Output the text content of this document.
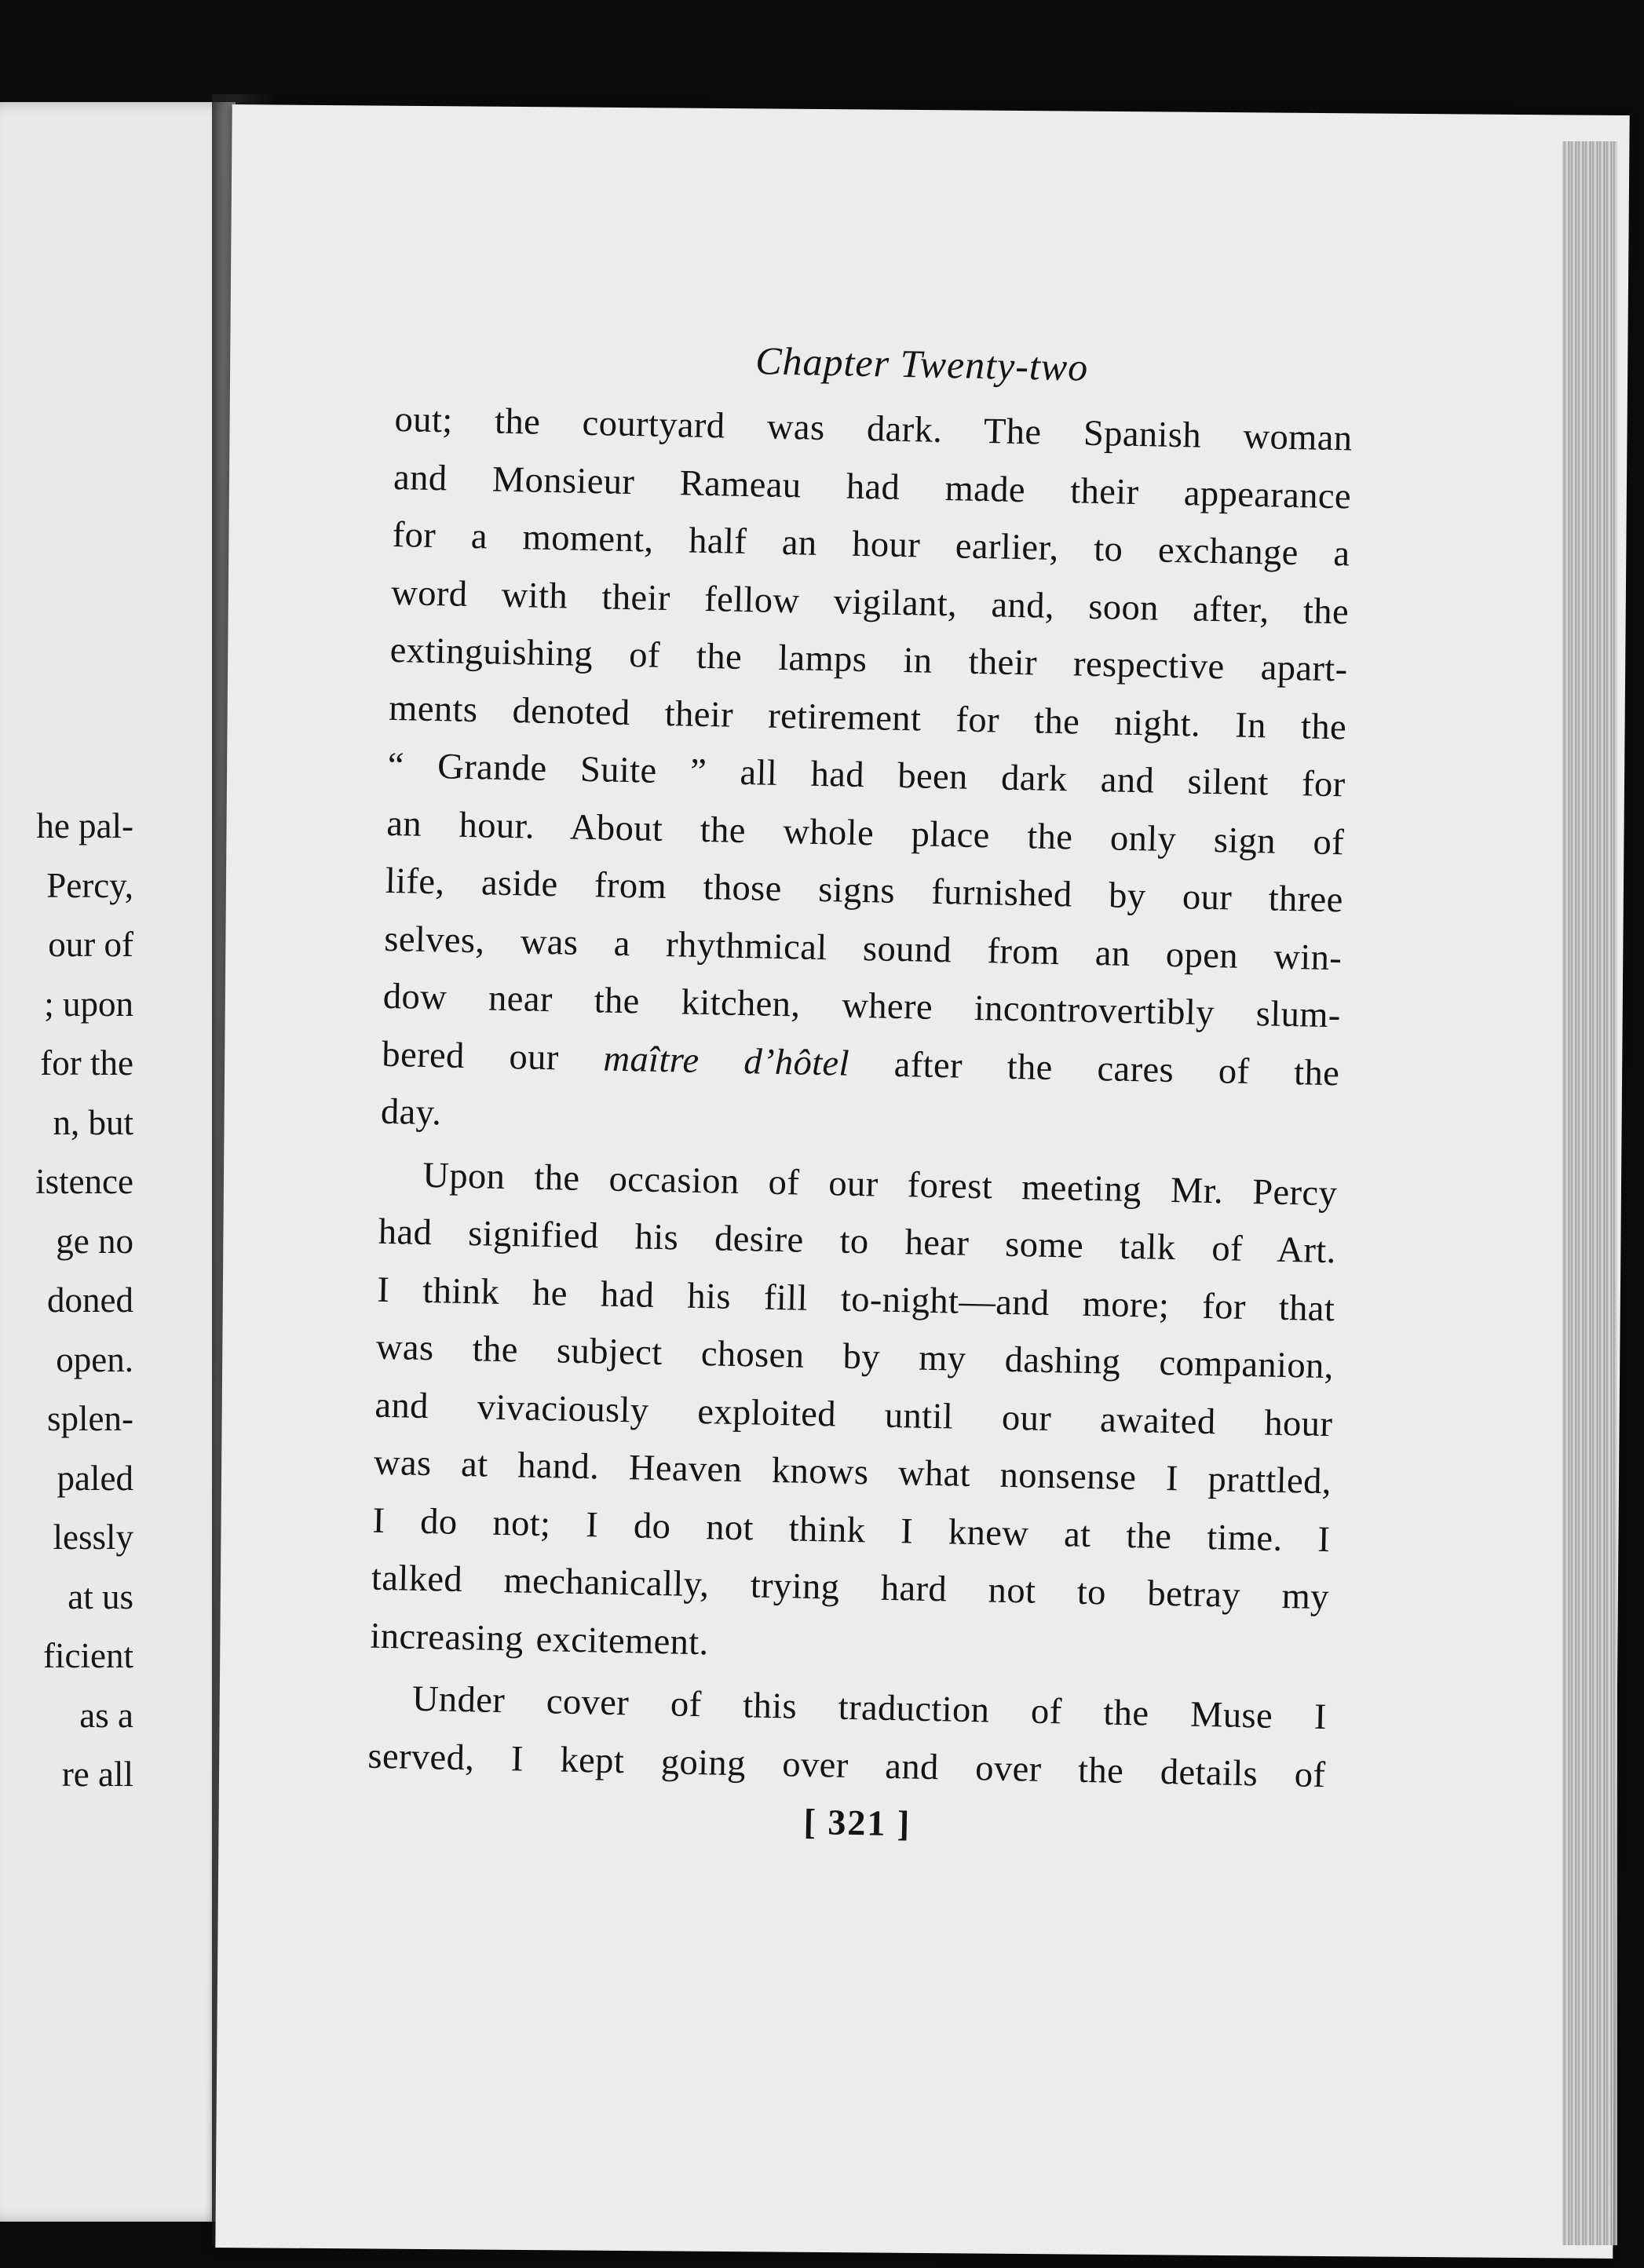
he pal-
Percy,
our of
; upon
for the
n, but
istence
ge no
doned
open.
splen-
paled
lessly
at us
ficient
as a
re all
Chapter Twenty-two
out; the courtyard was dark. The Spanish woman
and Monsieur Rameau had made their appearance
for a moment, half an hour earlier, to exchange a
word with their fellow vigilant, and, soon after, the
extinguishing of the lamps in their respective apart-
ments denoted their retirement for the night. In the
“ Grande Suite ” all had been dark and silent for
an hour. About the whole place the only sign of
life, aside from those signs furnished by our three
selves, was a rhythmical sound from an open win-
dow near the kitchen, where incontrovertibly slum-
bered our maître d’hôtel after the cares of the
day.
Upon the occasion of our forest meeting Mr. Percy
had signified his desire to hear some talk of Art.
I think he had his fill to-night—and more; for that
was the subject chosen by my dashing companion,
and vivaciously exploited until our awaited hour
was at hand. Heaven knows what nonsense I prattled,
I do not; I do not think I knew at the time. I
talked mechanically, trying hard not to betray my
increasing excitement.
Under cover of this traduction of the Muse I
served, I kept going over and over the details of
[ 321 ]
